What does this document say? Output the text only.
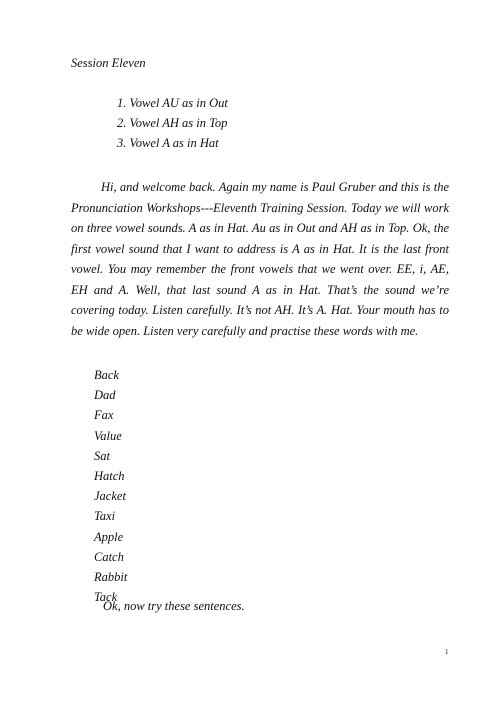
Session Eleven

1. Vowel AU as in Out
2. Vowel AH as in Top
3. Vowel A as in Hat

Hi, and welcome back. Again my name is Paul Gruber and this is the Pronunciation Workshops---Eleventh Training Session. Today we will work on three vowel sounds. A as in Hat. Au as in Out and AH as in Top. Ok, the first vowel sound that I want to address is A as in Hat. It is the last front vowel. You may remember the front vowels that we went over. EE, i, AE, EH and A. Well, that last sound A as in Hat. That’s the sound we’re covering today. Listen carefully. It’s not AH. It’s A. Hat. Your mouth has to be wide open. Listen very carefully and practise these words with me.

Back
Dad
Fax
Value
Sat
Hatch
Jacket
Taxi
Apple
Catch
Rabbit
Tack

Ok, now try these sentences.

1
